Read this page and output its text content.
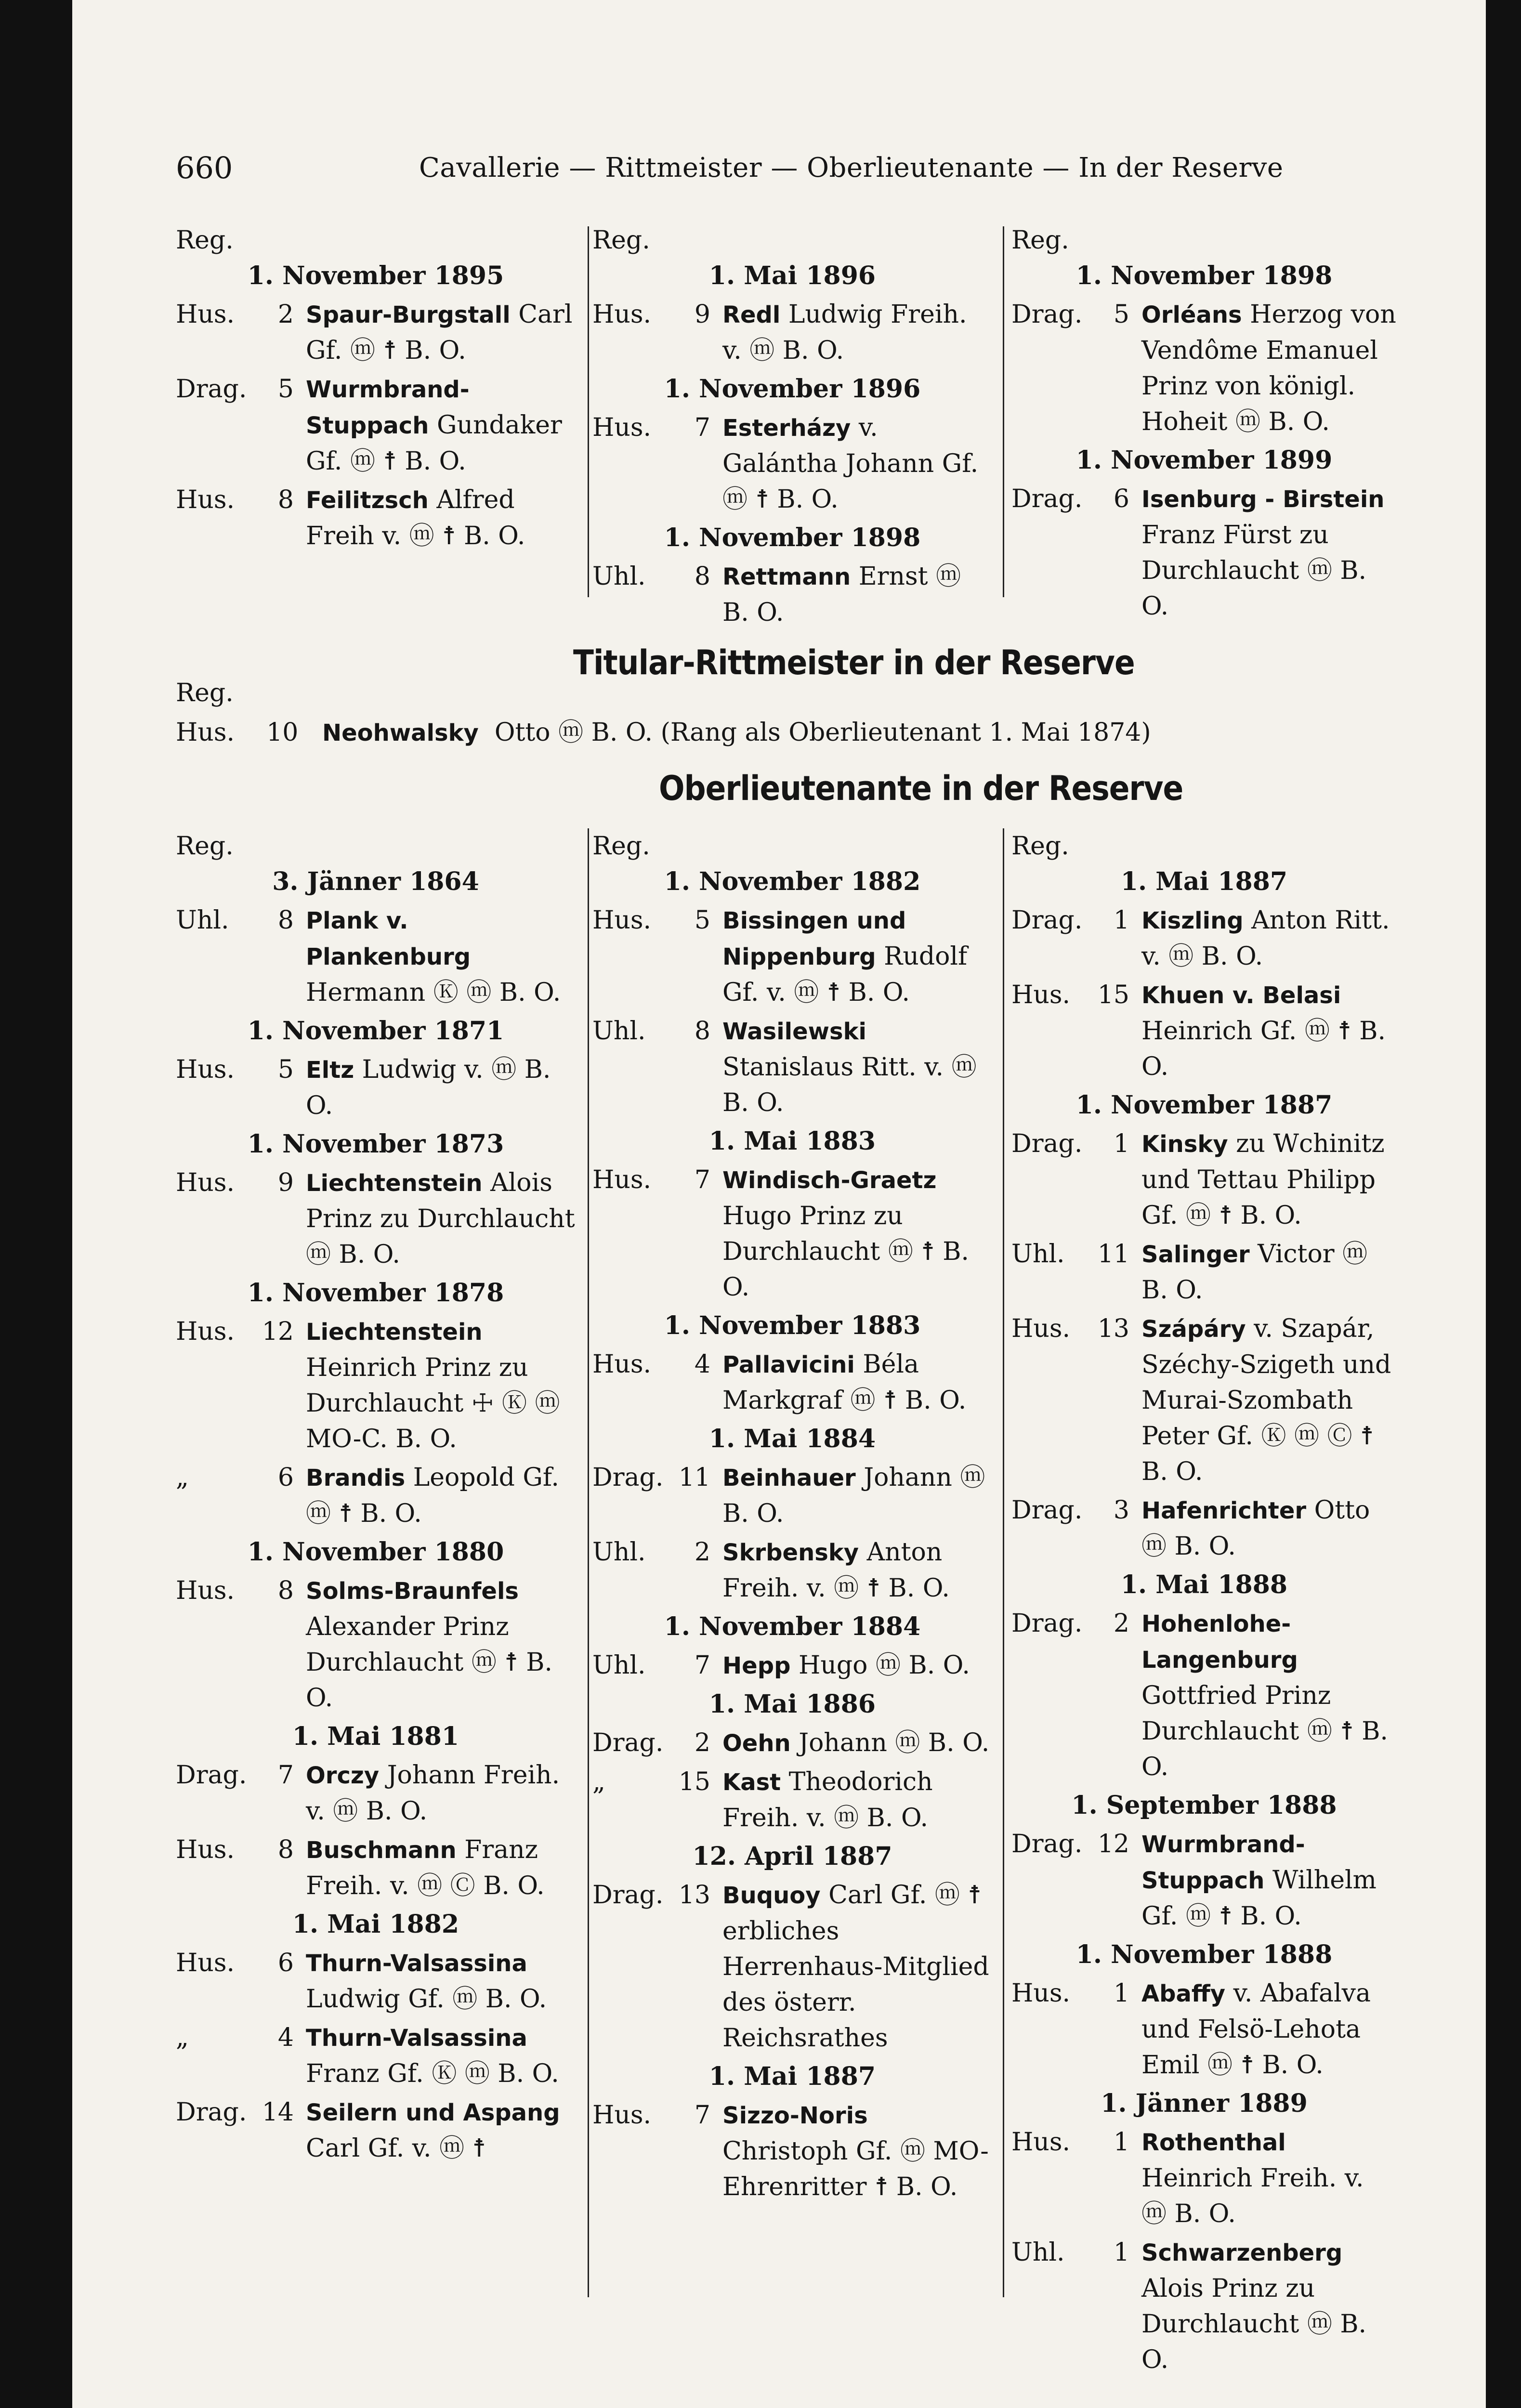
660	Cavallerie — Rittmeister — Oberlieutenante — In der Reserve
Reg.
1. November 1895
Hus.	2 Spaur-Burgstall Carl Gf. ⓜ ☨ B. O.
Drag.	5 Wurmbrand-Stuppach Gundaker Gf. ⓜ ☨ B. O.
Hus.	8 Feilitzsch Alfred Freih v. ⓜ ☨ B. O.
Reg.
1. Mai 1896
Hus.	9 Redl Ludwig Freih. v. ⓜ B. O.
1. November 1896
Hus.	7 Esterházy v. Galántha Johann Gf. ⓜ ☨ B. O.
1. November 1898
Uhl.	8 Rettmann Ernst ⓜ B. O.
Reg.
1. November 1898
Drag.	5 Orléans Herzog von Vendôme Emanuel Prinz von königl. Hoheit ⓜ B. O.
1. November 1899
Drag.	6 Isenburg - Birstein Franz Fürst zu Durchlaucht ⓜ B. O.
Titular-Rittmeister in der Reserve
Reg.
Hus. 10 Neohwalsky Otto ⓜ B. O. (Rang als Oberlieutenant 1. Mai 1874)
Oberlieutenante in der Reserve
Reg.
3. Jänner 1864
Uhl.	8 Plank v. Plankenburg Hermann Ⓚ ⓜ B. O.
1. November 1871
Hus.	5 Eltz Ludwig v. ⓜ B. O.
1. November 1873
Hus.	9 Liechtenstein Alois Prinz zu Durchlaucht ⓜ B. O.
1. November 1878
Hus. 12 Liechtenstein Heinrich Prinz zu Durchlaucht ☩ Ⓚ ⓜ MO-C. B. O.
„	6 Brandis Leopold Gf. ⓜ ☨ B. O.
1. November 1880
Hus.	8 Solms-Braunfels Alexander Prinz Durchlaucht ⓜ ☨ B. O.
1. Mai 1881
Drag.	7 Orczy Johann Freih. v. ⓜ B. O.
Hus.	8 Buschmann Franz Freih. v. ⓜ Ⓒ B. O.
1. Mai 1882
Hus.	6 Thurn-Valsassina Ludwig Gf. ⓜ B. O.
„	4 Thurn-Valsassina Franz Gf. Ⓚ ⓜ B. O.
Drag. 14 Seilern und Aspang Carl Gf. v. ⓜ ☨
Reg.
1. November 1882
Hus.	5 Bissingen und Nippenburg Rudolf Gf. v. ⓜ ☨ B. O.
Uhl.	8 Wasilewski Stanislaus Ritt. v. ⓜ B. O.
1. Mai 1883
Hus.	7 Windisch-Graetz Hugo Prinz zu Durchlaucht ⓜ ☨ B. O.
1. November 1883
Hus.	4 Pallavicini Béla Markgraf ⓜ ☨ B. O.
1. Mai 1884
Drag. 11 Beinhauer Johann ⓜ B. O.
Uhl.	2 Skrbensky Anton Freih. v. ⓜ ☨ B. O.
1. November 1884
Uhl.	7 Hepp Hugo ⓜ B. O.
1. Mai 1886
Drag.	2 Oehn Johann ⓜ B. O.
„	15 Kast Theodorich Freih. v. ⓜ B. O.
12. April 1887
Drag. 13 Buquoy Carl Gf. ⓜ ☨ erbliches Herrenhaus-Mitglied des österr. Reichsrathes
1. Mai 1887
Hus.	7 Sizzo-Noris Christoph Gf. ⓜ MO-Ehrenritter ☨ B. O.
Reg.
1. Mai 1887
Drag.	1 Kiszling Anton Ritt. v. ⓜ B. O.
Hus. 15 Khuen v. Belasi Heinrich Gf. ⓜ ☨ B. O.
1. November 1887
Drag.	1 Kinsky zu Wchinitz und Tettau Philipp Gf. ⓜ ☨ B. O.
Uhl. 11 Salinger Victor ⓜ B. O.
Hus. 13 Szápáry v. Szapár, Széchy-Szigeth und Murai-Szombath Peter Gf. Ⓚ ⓜ Ⓒ ☨ B. O.
Drag.	3 Hafenrichter Otto ⓜ B. O.
1. Mai 1888
Drag.	2 Hohenlohe-Langenburg Gottfried Prinz Durchlaucht ⓜ ☨ B. O.
1. September 1888
Drag. 12 Wurmbrand-Stuppach Wilhelm Gf. ⓜ ☨ B. O.
1. November 1888
Hus.	1 Abaffy v. Abafalva und Felsö-Lehota Emil ⓜ ☨ B. O.
1. Jänner 1889
Hus.	1 Rothenthal Heinrich Freih. v. ⓜ B. O.
Uhl.	1 Schwarzenberg Alois Prinz zu Durchlaucht ⓜ B. O.
